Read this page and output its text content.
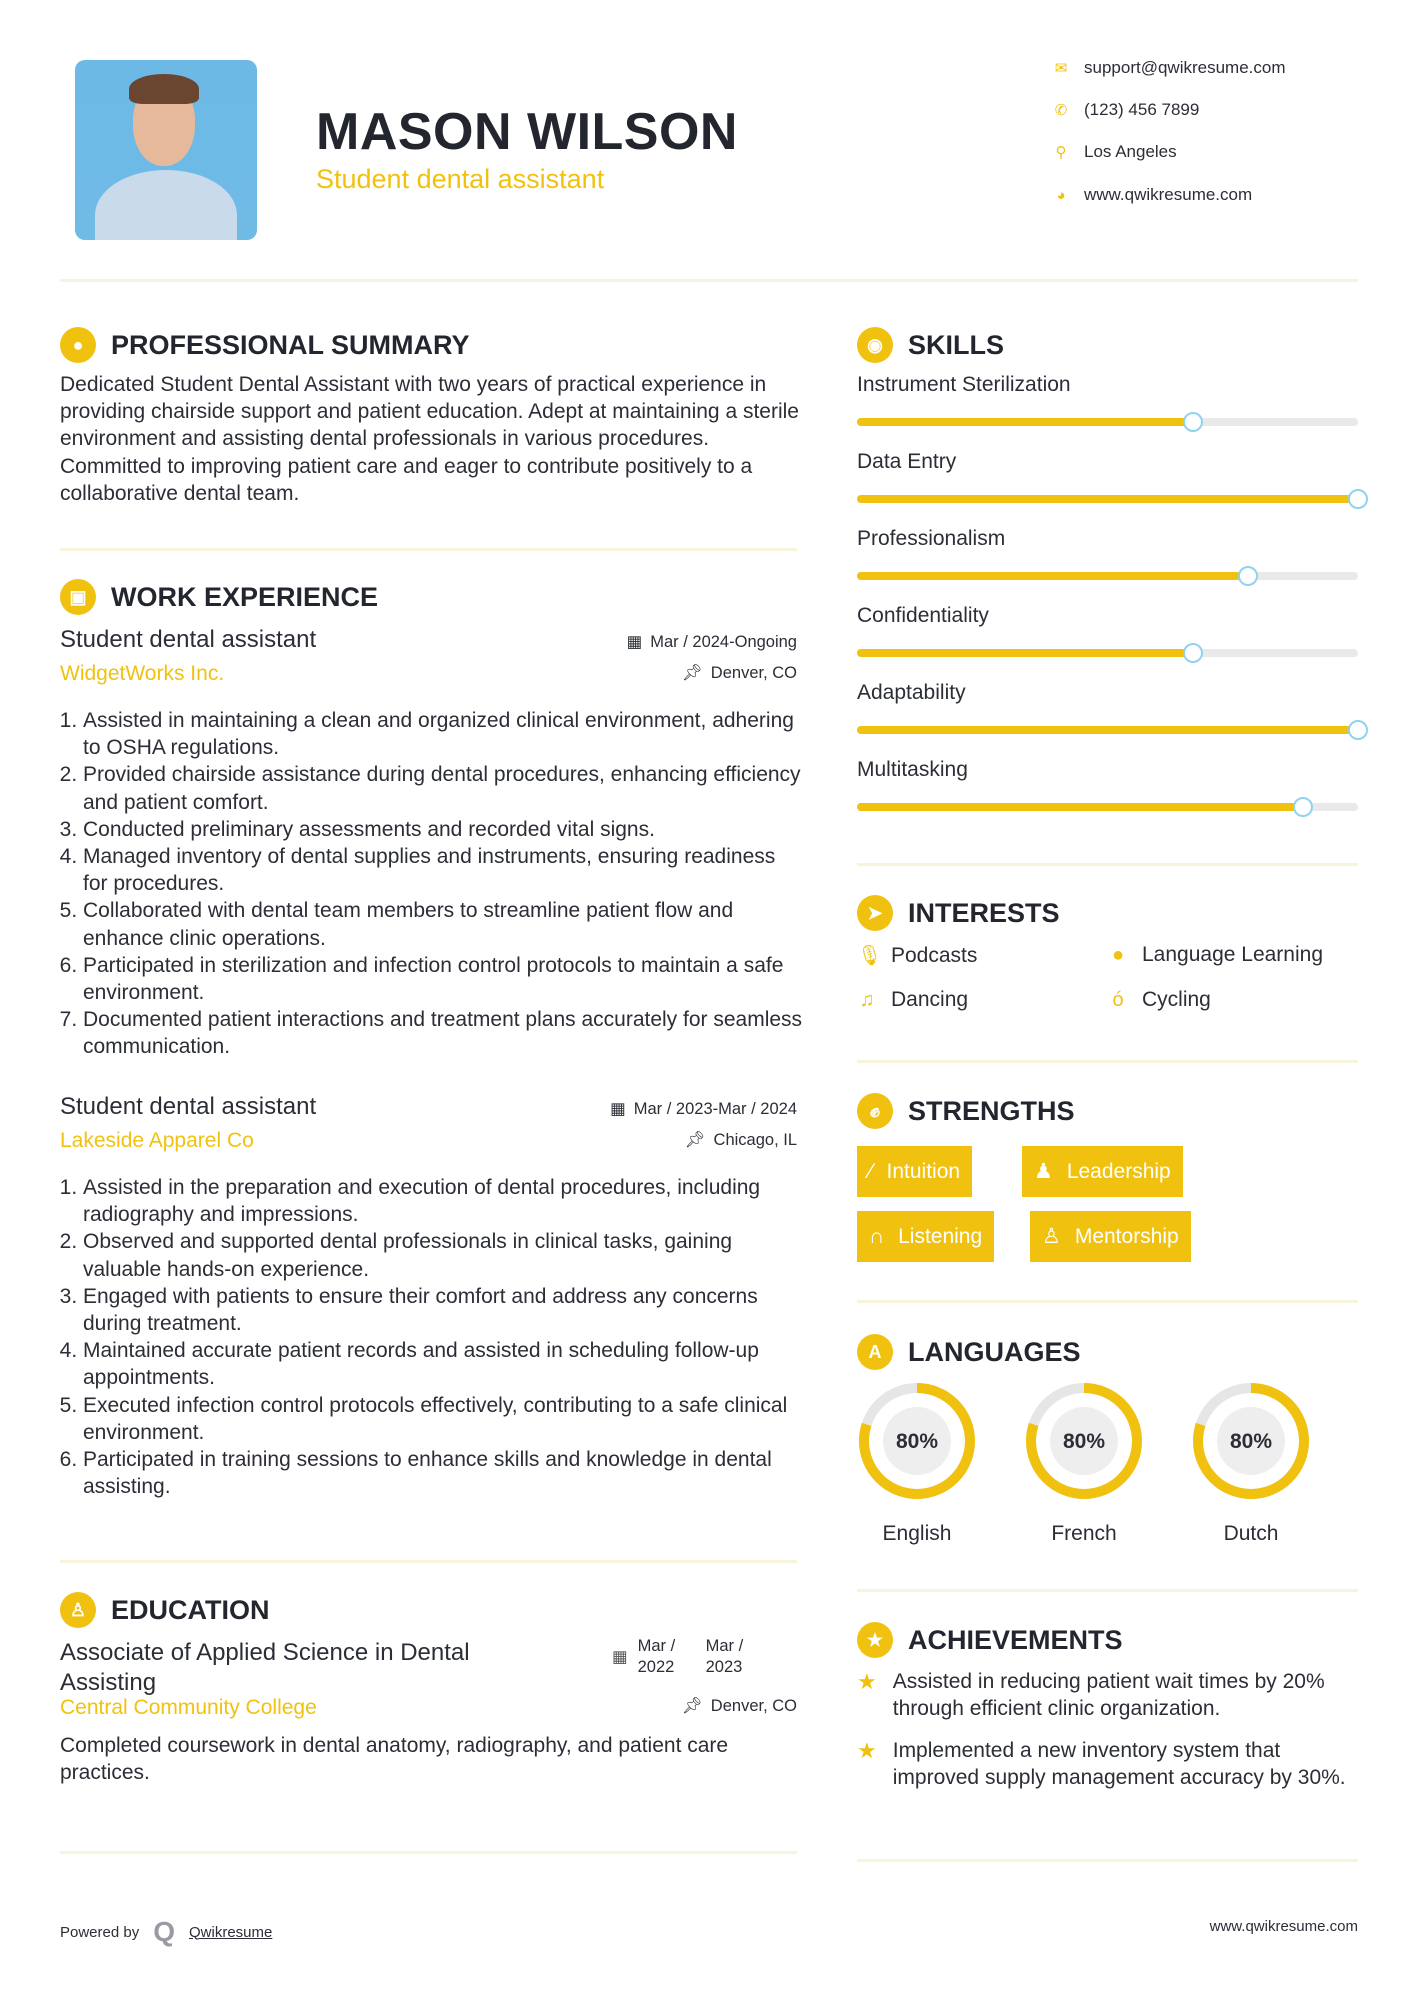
MASON WILSON
Student dental assistant
✉ support@qwikresume.com
✆ (123) 456 7899
⚲ Los Angeles
◕ www.qwikresume.com
●	PROFESSIONAL SUMMARY
Dedicated Student Dental Assistant with two years of practical experience in providing chairside support and patient education. Adept at maintaining a sterile environment and assisting dental professionals in various procedures. Committed to improving patient care and eager to contribute positively to a collaborative dental team.
▣ WORK EXPERIENCE
Student dental assistant	▦ Mar / 2024-Ongoing
WidgetWorks Inc.	📌︎ Denver, CO
1. Assisted in maintaining a clean and organized clinical environment, adhering to OSHA regulations.
2. Provided chairside assistance during dental procedures, enhancing efficiency and patient comfort.
3. Conducted preliminary assessments and recorded vital signs.
4. Managed inventory of dental supplies and instruments, ensuring readiness for procedures.
5. Collaborated with dental team members to streamline patient flow and enhance clinic operations.
6. Participated in sterilization and infection control protocols to maintain a safe environment.
7. Documented patient interactions and treatment plans accurately for seamless communication.
Student dental assistant	▦ Mar / 2023-Mar / 2024
Lakeside Apparel Co	📌︎ Chicago, IL
1. Assisted in the preparation and execution of dental procedures, including radiography and impressions.
2. Observed and supported dental professionals in clinical tasks, gaining valuable hands-on experience.
3. Engaged with patients to ensure their comfort and address any concerns during treatment.
4. Maintained accurate patient records and assisted in scheduling follow-up appointments.
5. Executed infection control protocols effectively, contributing to a safe clinical environment.
6. Participated in training sessions to enhance skills and knowledge in dental assisting.
♙ EDUCATION
Associate of Applied Science in Dental Assisting
▦
Mar / 2022
Mar / 2023
Central Community College	📌︎ Denver, CO
Completed coursework in dental anatomy, radiography, and patient care practices.
◉ SKILLS
Instrument Sterilization
Data Entry
Professionalism
Confidentiality
Adaptability
Multitasking
➤ INTERESTS
🎙 Podcasts	● Language Learning
♫ Dancing	ó Cycling
✊︎	STRENGTHS
⁄ Intuition	♟ Leadership
∩ Listening	♙ Mentorship
A LANGUAGES
80%
English
80%
French
80%
Dutch
★ ACHIEVEMENTS
★ Assisted in reducing patient wait times by 20% through efficient clinic organization.
★ Implemented a new inventory system that improved supply management accuracy by 30%.
Powered by Q Qwikresume	www.qwikresume.com
